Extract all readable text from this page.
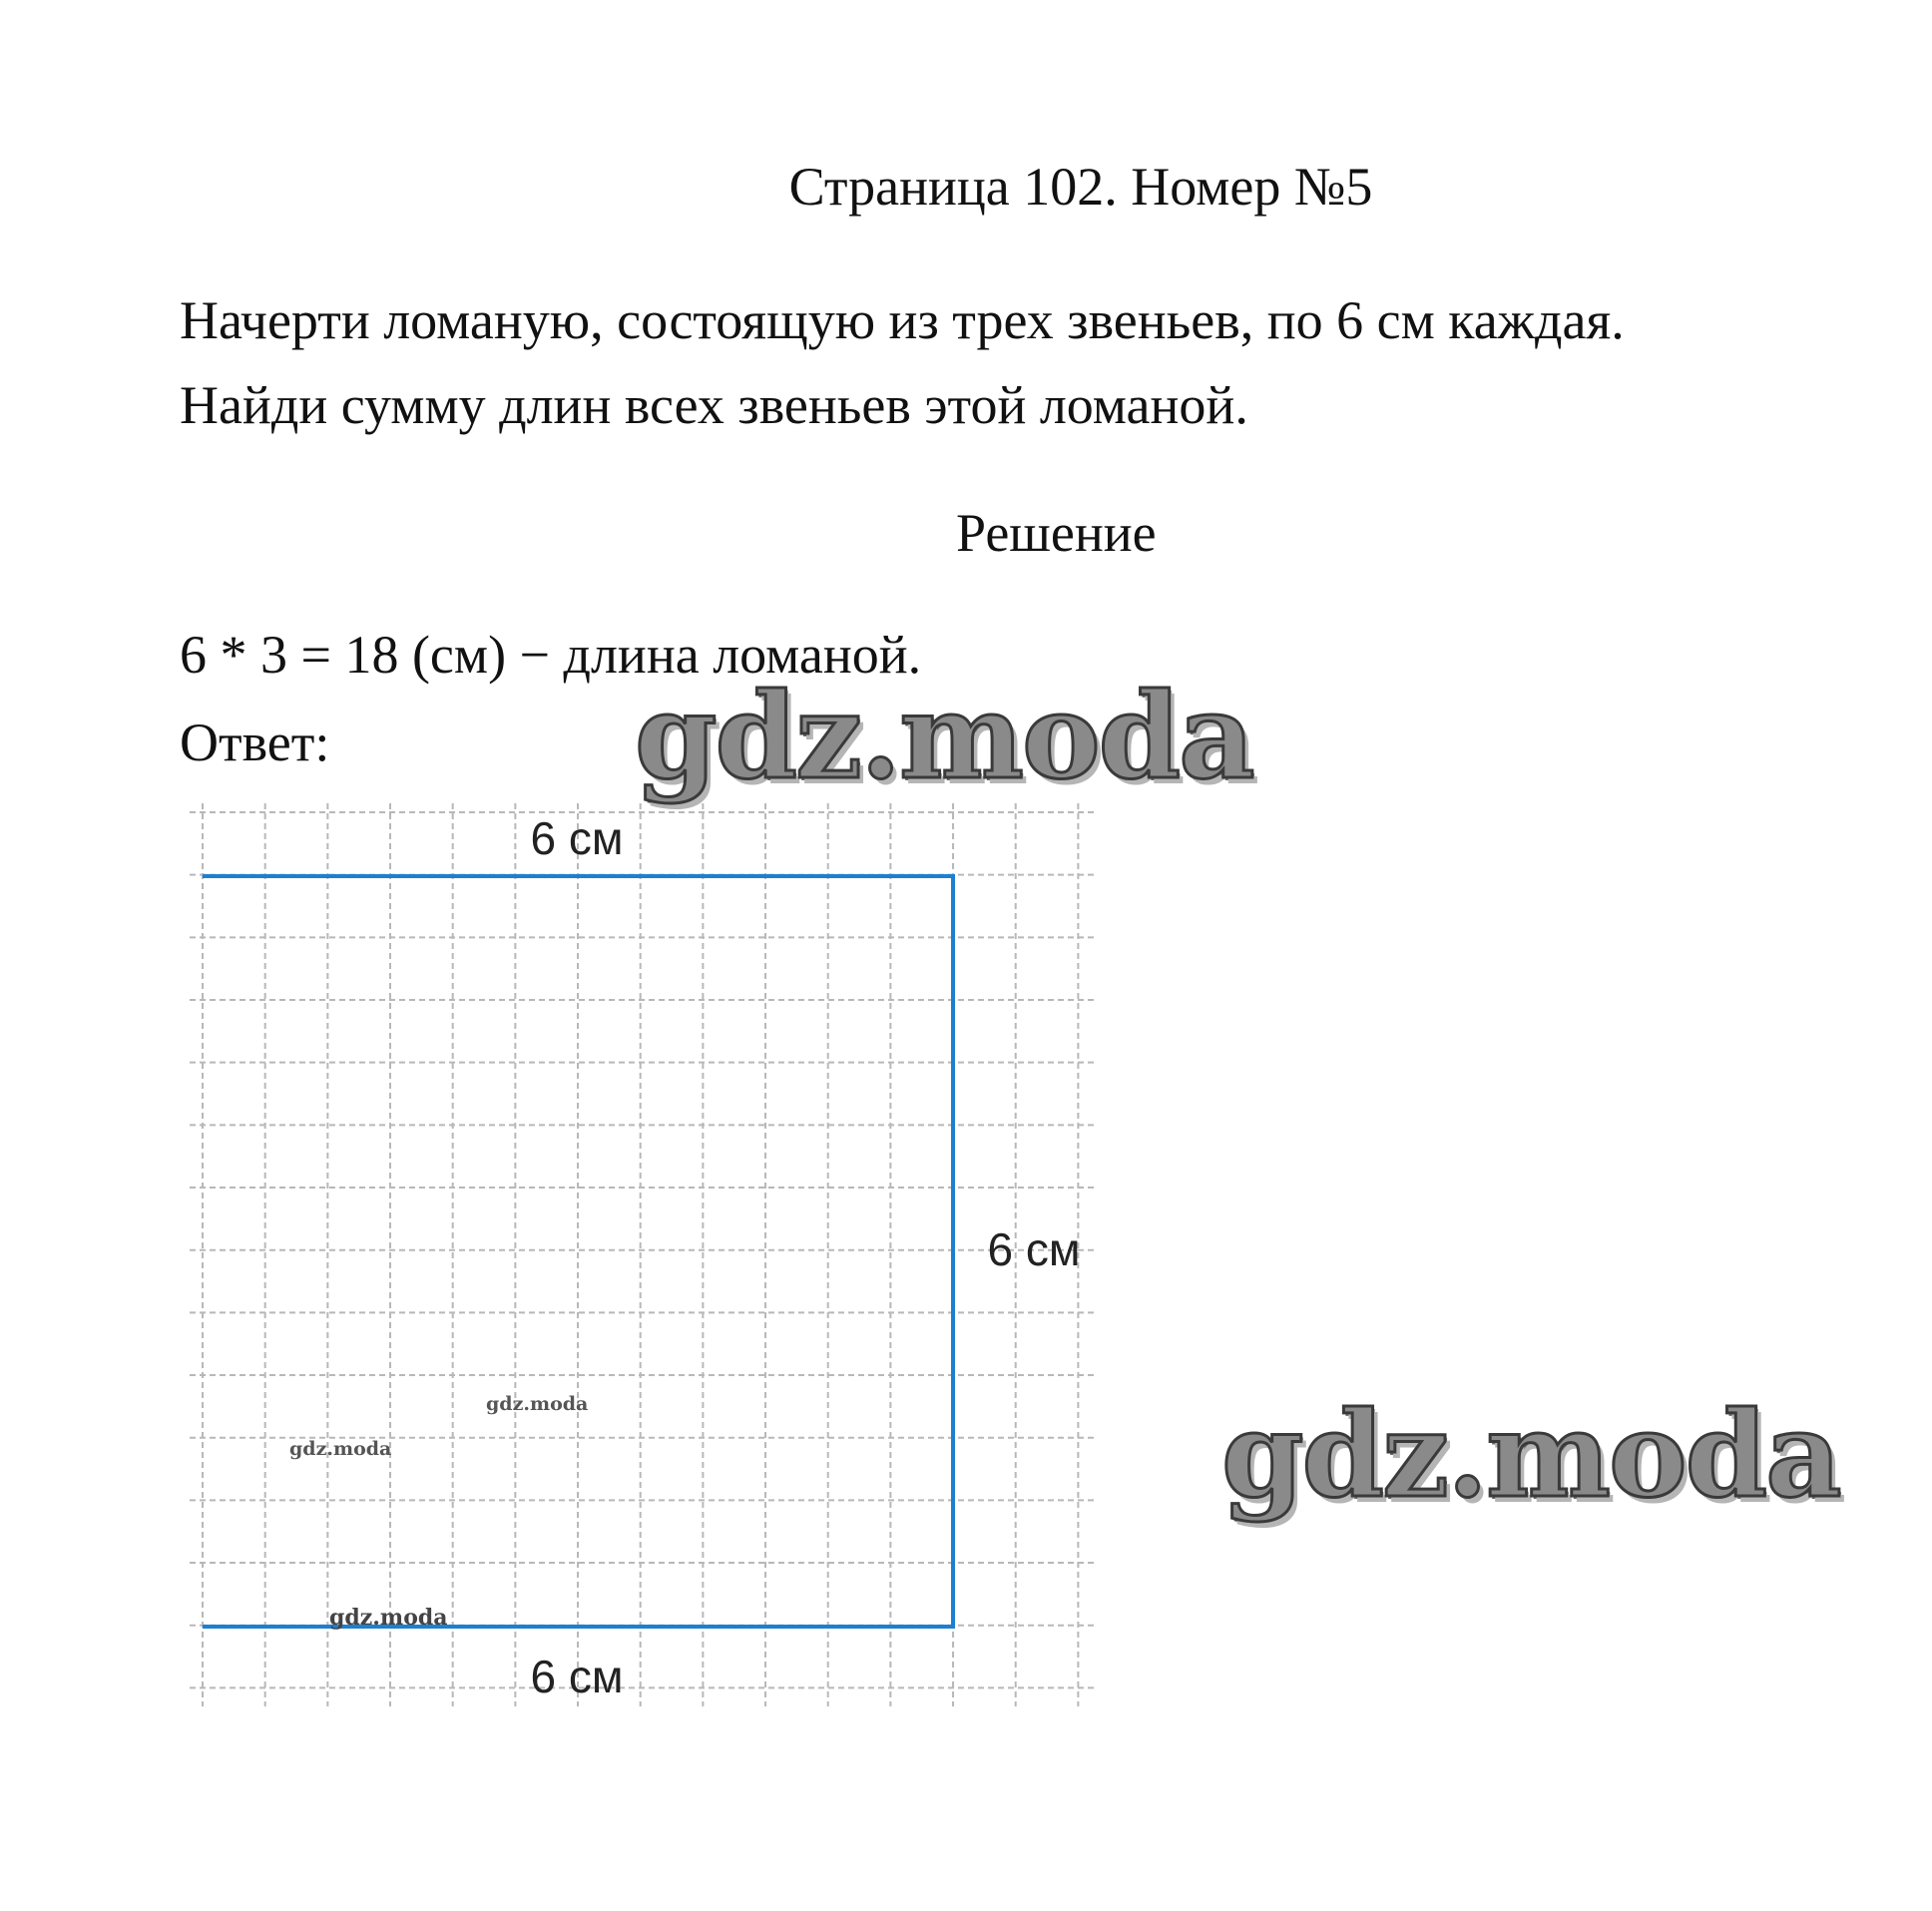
Страница 102. Номер №5
Начерти ломаную, состоящую из трех звеньев, по 6 см каждая.
Найди сумму длин всех звеньев этой ломаной.
Решение
6 * 3 = 18 (см) − длина ломаной.
Ответ:
6 см
6 см
6 см
gdz.moda
gdz.moda
gdz.moda
gdz.moda
gdz.moda
